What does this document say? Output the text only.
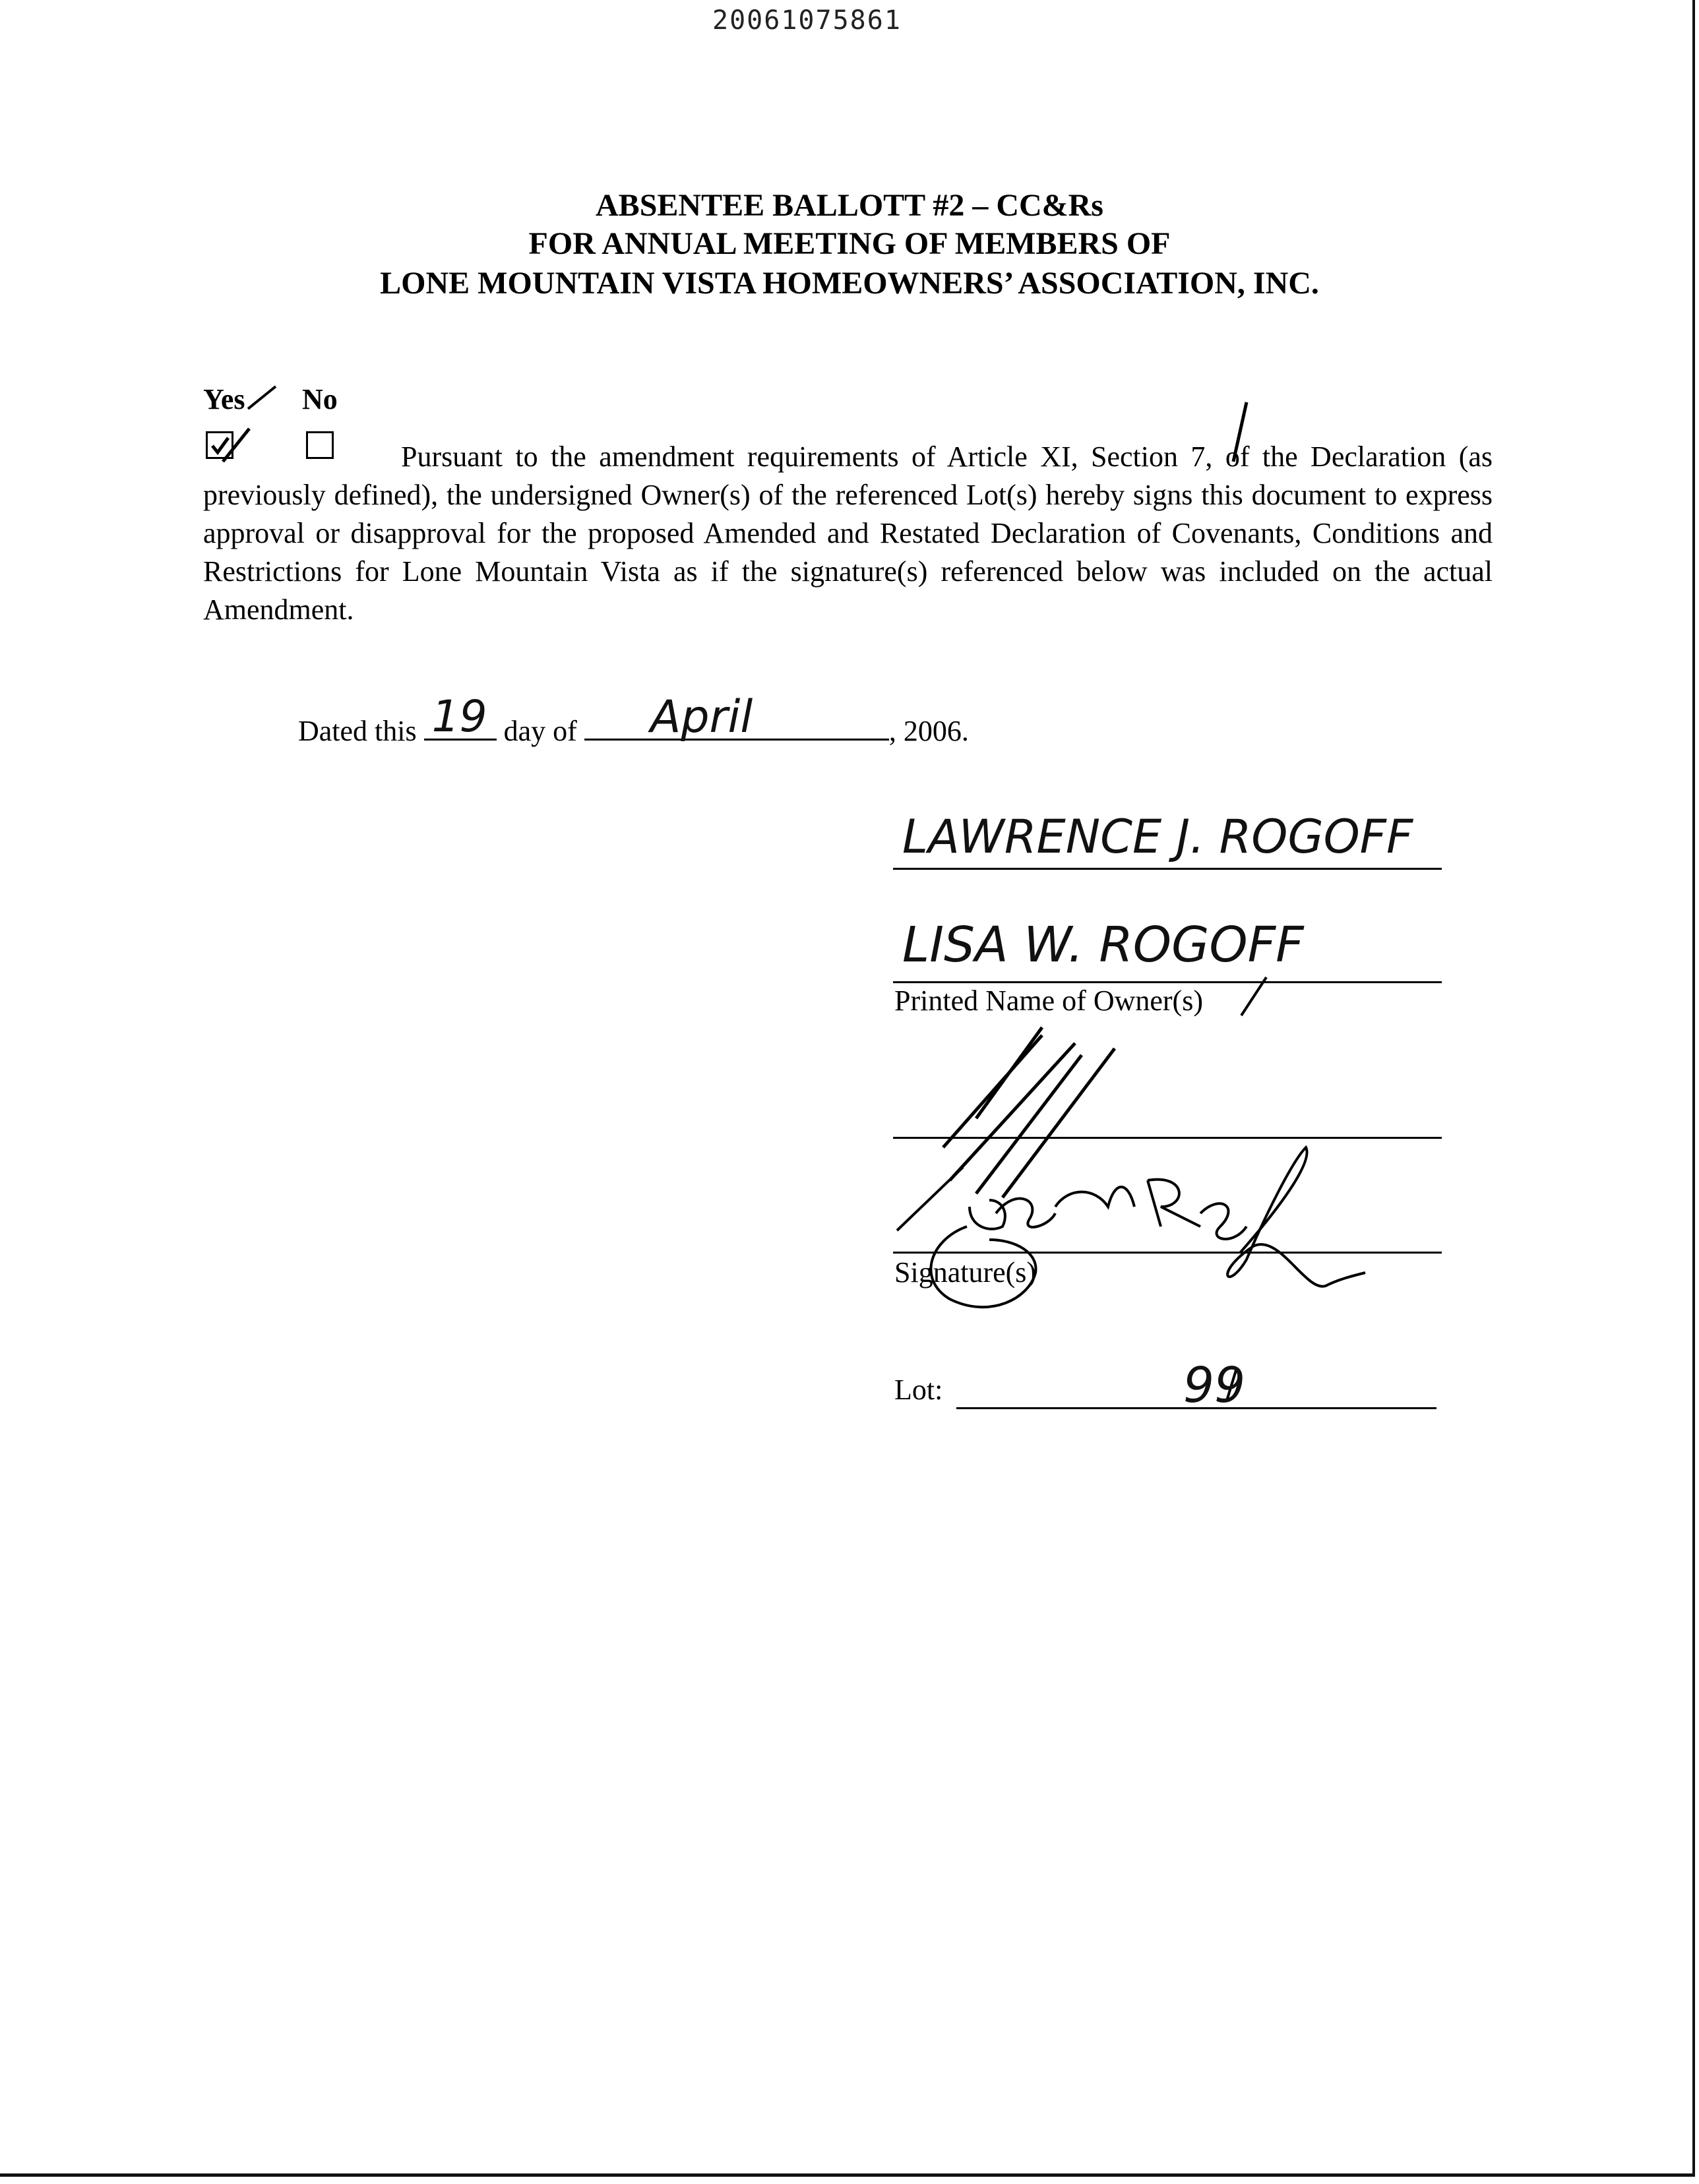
20061075861
ABSENTEE BALLOTT #2 – CC&Rs
FOR ANNUAL MEETING OF MEMBERS OF
LONE MOUNTAIN VISTA HOMEOWNERS’ ASSOCIATION, INC.
Yes No
Pursuant to the amendment requirements of Article XI, Section 7, of the Declaration (as previously defined), the undersigned Owner(s) of the referenced Lot(s) hereby signs this document to express approval or disapproval for the proposed Amended and Restated Declaration of Covenants, Conditions and Restrictions for Lone Mountain Vista as if the signature(s) referenced below was included on the actual Amendment.
Dated this 19 day of April	, 2006.
LAWRENCE J. ROGOFF
LISA W. ROGOFF
Printed Name of Owner(s)
Signature(s)
Lot:	99
